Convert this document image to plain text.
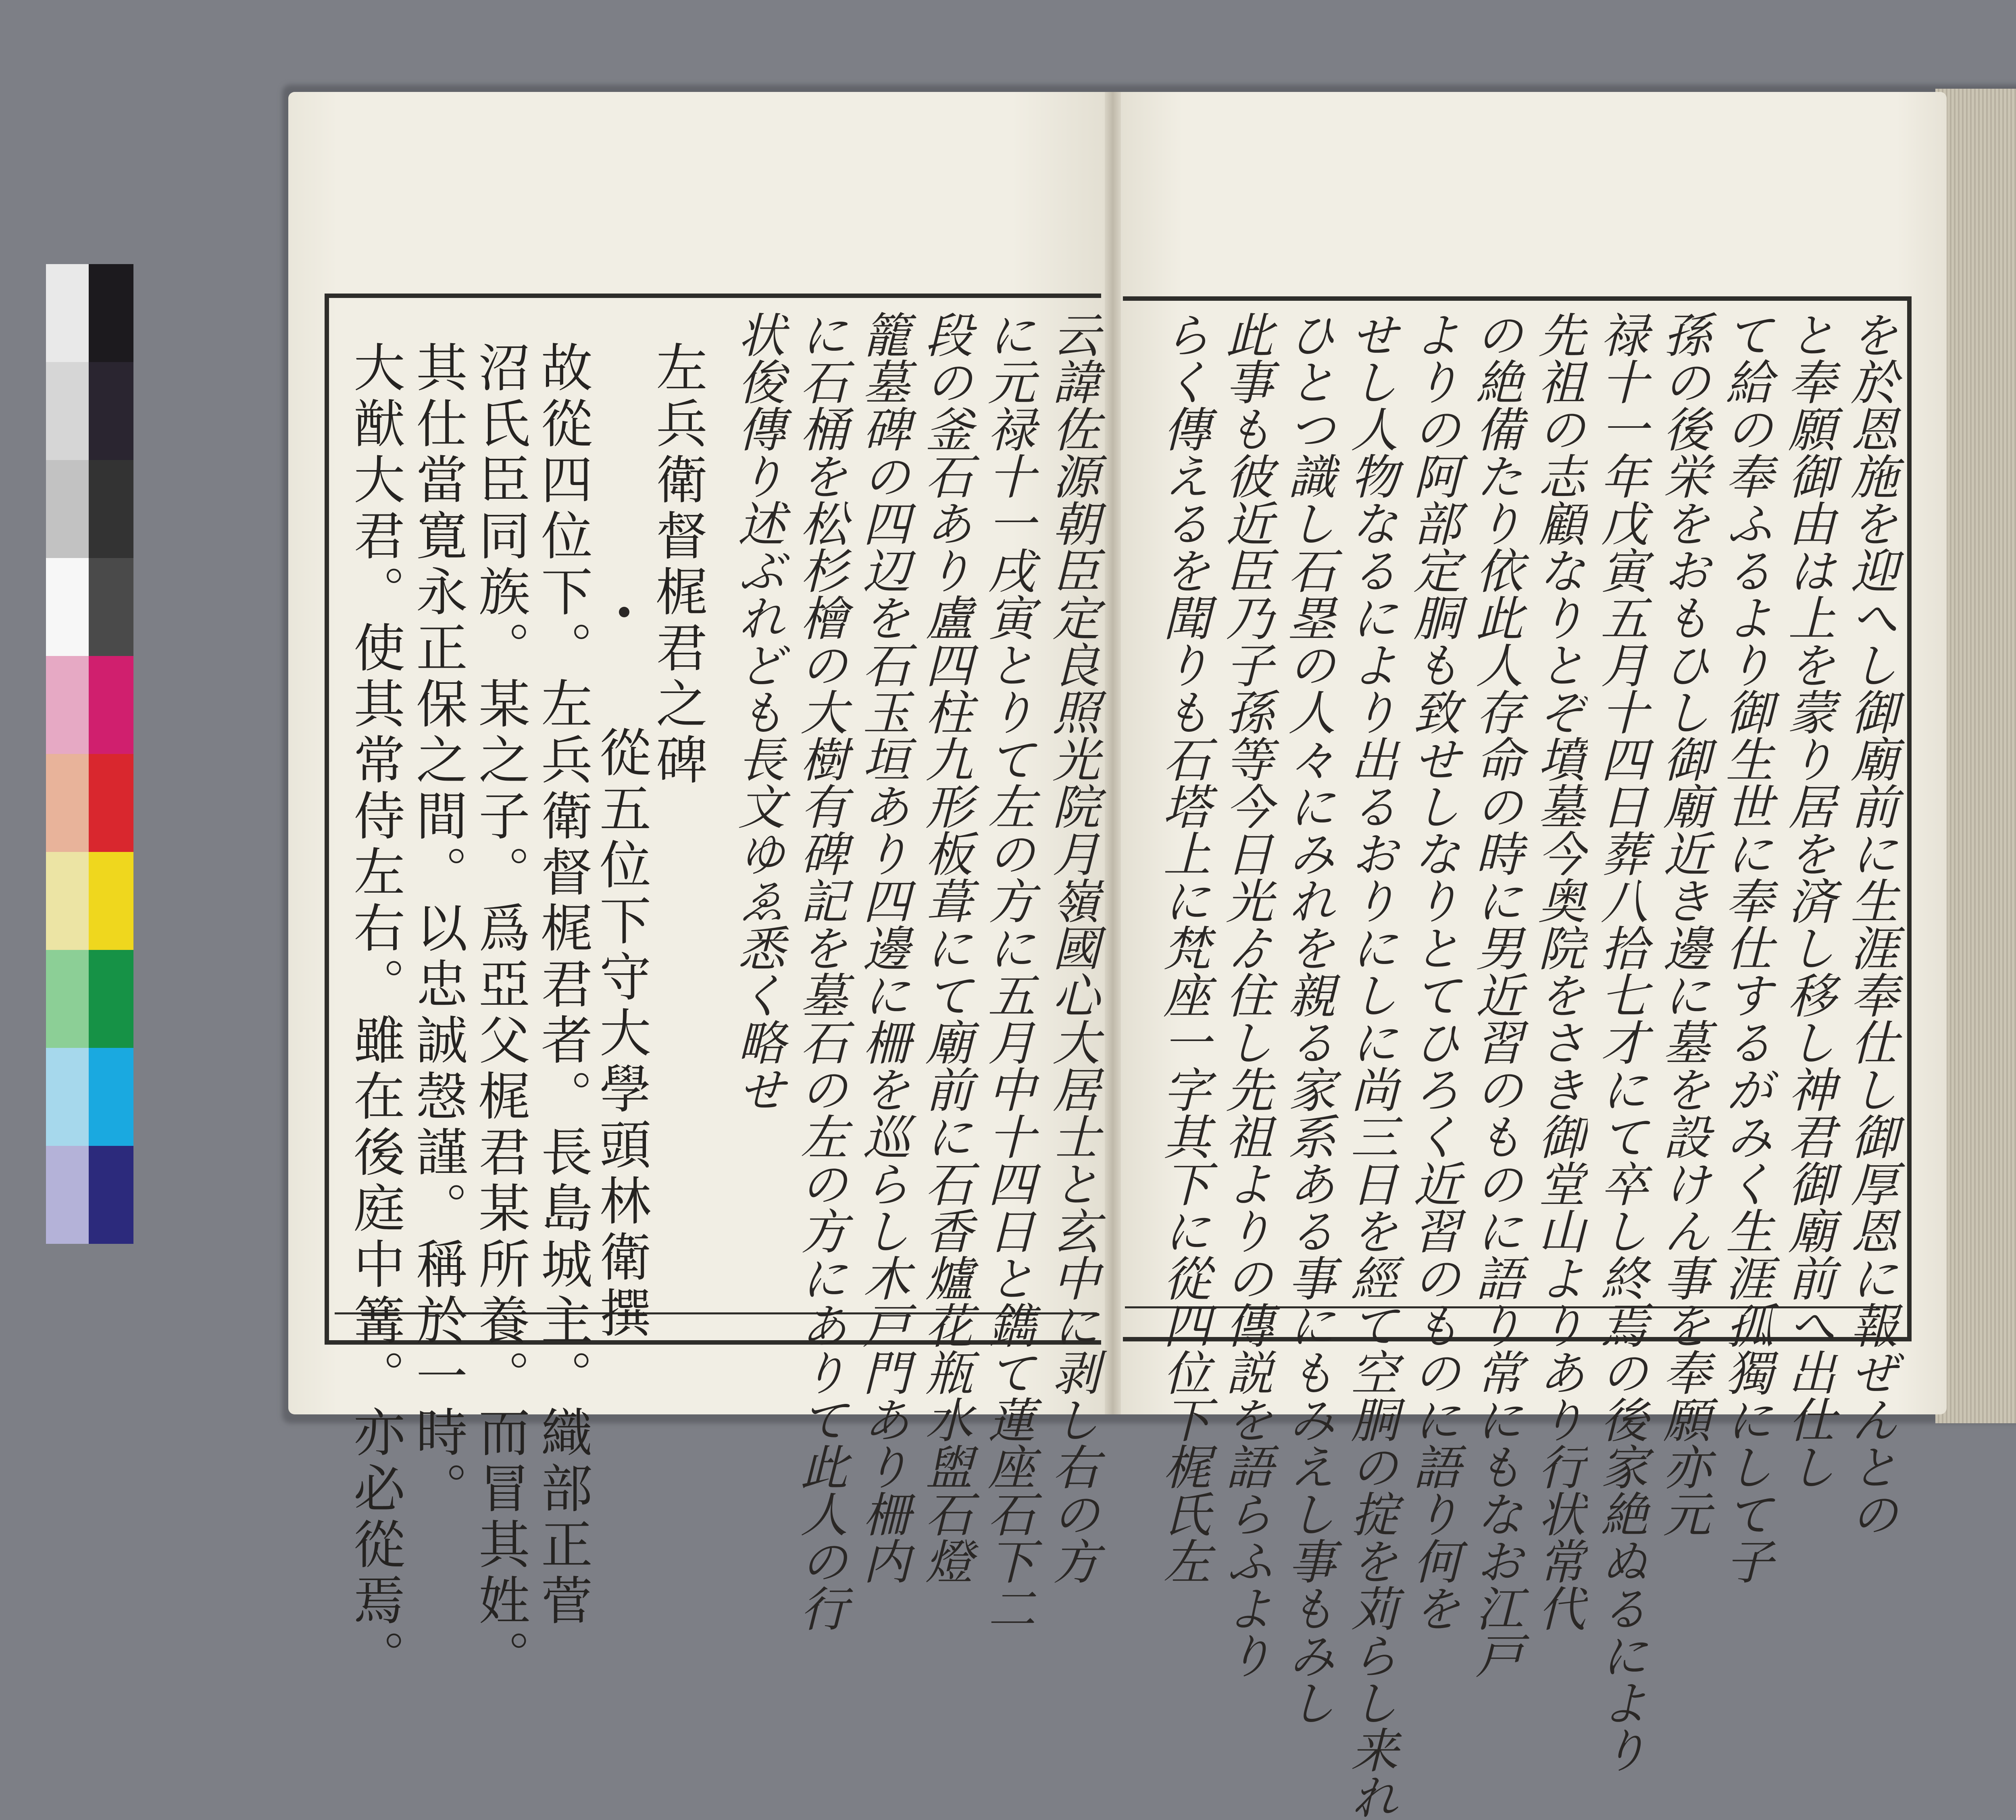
左兵衛督梶君之碑
從五位下守大學頭林衛撰
故從四位下。左兵衛督梶君者。長島城主。織部正菅
沼氏臣同族。某之子。爲亞父梶君某所養。而冒其姓。
其仕當寛永正保之間。以忠誠愨謹。稱於一時。
大猷大君。使其常侍左右。雖在後庭中篝。亦必從焉。	云諱佐源朝臣定良照光院月嶺國心大居士と玄中に剥し右の方
に元禄十一戌寅とりて左の方に五月中十四日と鐫て蓮座石下二
段の釜石あり盧四柱九形板葺にて廟前に石香爐花瓶水盥石燈
籠墓碑の四辺を石玉垣あり四邊に柵を巡らし木戸門あり柵内
に石桶を松杉檜の大樹有碑記を墓石の左の方にありて此人の行
状俊傳り述ぶれども長文ゆゑ悉く略せ	を於恩施を迎へし御廟前に生涯奉仕し御厚恩に報ぜんとの
と奉願御由は上を蒙り居を済し移し神君御廟前へ出仕し
て給の奉ふるより御生世に奉仕するがみく生涯孤獨にして子
孫の後栄をおもひし御廟近き邊に墓を設けん事を奉願亦元
禄十一年戊寅五月十四日葬八拾七才にて卒し終焉の後家絶ぬるにより
先祖の志顧なりとぞ墳墓今奥院をさき御堂山よりあり行状常代
の絶備たり依此人存命の時に男近習のものに語り常にもなお江戸
よりの阿部定胴も致せしなりとてひろく近習のものに語り何を
せし人物なるにより出るおりにしに尚三日を經て空胴の掟を苅らし来れ
ひとつ識し石塁の人々にみれを親る家系ある事にもみえし事もみし
此事も彼近臣乃子孫等今日光ゟ住し先祖よりの傳説を語らふより
らく傳えるを聞りも石塔上に梵座一字其下に從四位下梶氏左
